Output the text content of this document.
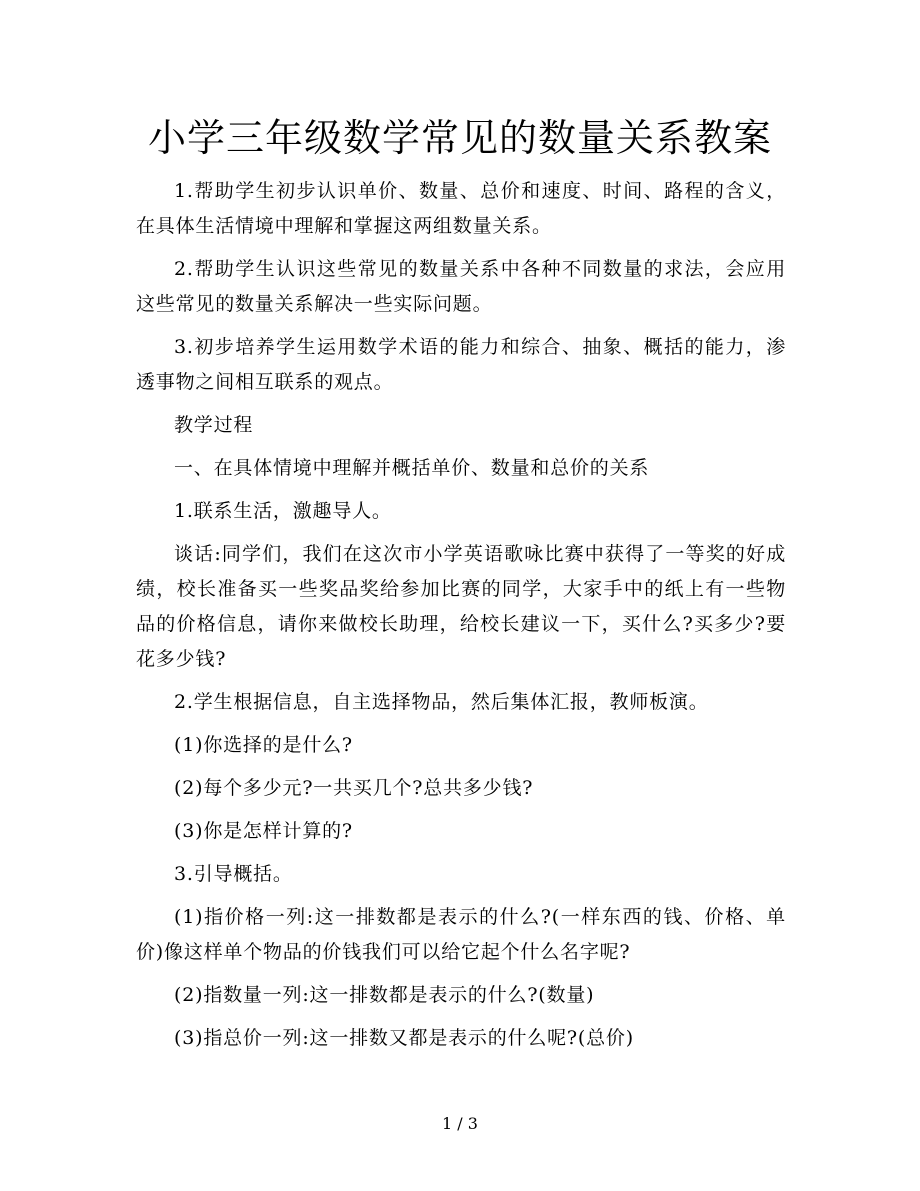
小学三年级数学常见的数量关系教案

1.帮助学生初步认识单价、数量、总价和速度、时间、路程的含义，在具体生活情境中理解和掌握这两组数量关系。

2.帮助学生认识这些常见的数量关系中各种不同数量的求法，会应用这些常见的数量关系解决一些实际问题。

3.初步培养学生运用数学术语的能力和综合、抽象、概括的能力，渗透事物之间相互联系的观点。

教学过程

一、在具体情境中理解并概括单价、数量和总价的关系

1.联系生活，激趣导人。

谈话:同学们，我们在这次市小学英语歌咏比赛中获得了一等奖的好成绩，校长准备买一些奖品奖给参加比赛的同学，大家手中的纸上有一些物品的价格信息，请你来做校长助理，给校长建议一下，买什么?买多少?要花多少钱?

2.学生根据信息，自主选择物品，然后集体汇报，教师板演。

(1)你选择的是什么?

(2)每个多少元?一共买几个?总共多少钱?

(3)你是怎样计算的?

3.引导概括。

(1)指价格一列:这一排数都是表示的什么?(一样东西的钱、价格、单价)像这样单个物品的价钱我们可以给它起个什么名字呢?

(2)指数量一列:这一排数都是表示的什么?(数量)

(3)指总价一列:这一排数又都是表示的什么呢?(总价)

1 / 3
